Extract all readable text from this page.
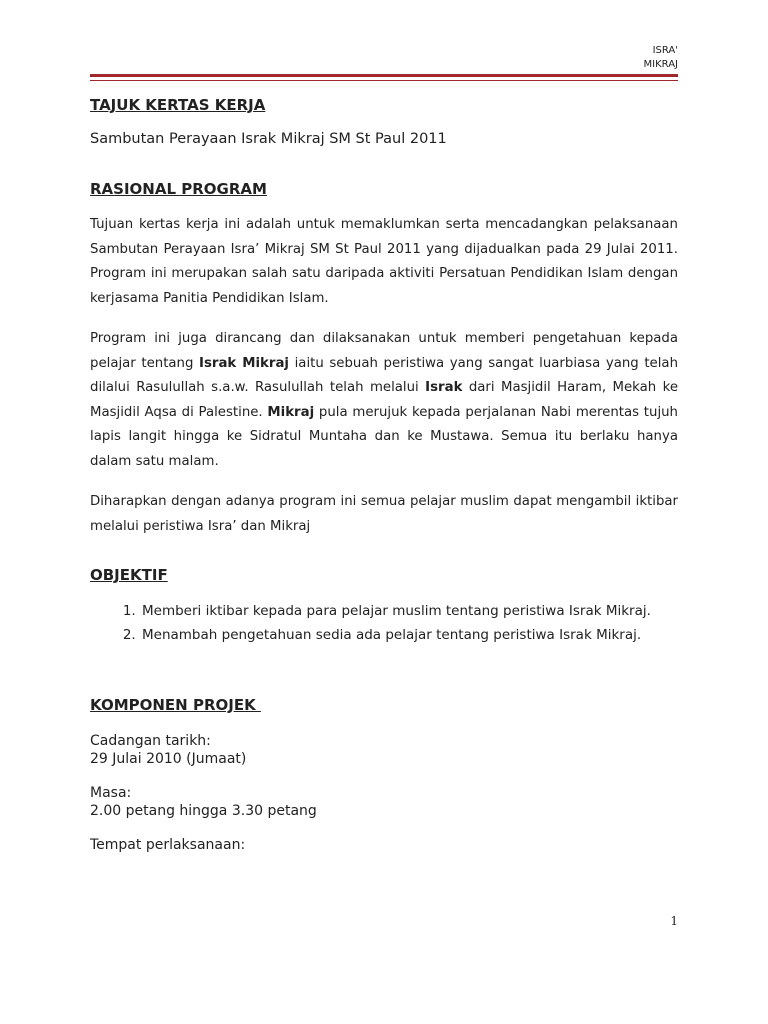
ISRA'
MIKRAJ
TAJUK KERTAS KERJA

Sambutan Perayaan Israk Mikraj SM St Paul 2011

RASIONAL PROGRAM

Tujuan kertas kerja ini adalah untuk memaklumkan serta mencadangkan pelaksanaan Sambutan Perayaan Isra’ Mikraj SM St Paul 2011 yang dijadualkan pada 29 Julai 2011. Program ini merupakan salah satu daripada aktiviti Persatuan Pendidikan Islam dengan kerjasama Panitia Pendidikan Islam.

Program ini juga dirancang dan dilaksanakan untuk memberi pengetahuan kepada pelajar tentang Israk Mikraj iaitu sebuah peristiwa yang sangat luarbiasa yang telah dilalui Rasulullah s.a.w. Rasulullah telah melalui Israk dari Masjidil Haram, Mekah ke Masjidil Aqsa di Palestine. Mikraj pula merujuk kepada perjalanan Nabi merentas tujuh lapis langit hingga ke Sidratul Muntaha dan ke Mustawa. Semua itu berlaku hanya dalam satu malam.

Diharapkan dengan adanya program ini semua pelajar muslim dapat mengambil iktibar melalui peristiwa Isra’ dan Mikraj

OBJEKTIF
1. Memberi iktibar kepada para pelajar muslim tentang peristiwa Israk Mikraj.
2. Menambah pengetahuan sedia ada pelajar tentang peristiwa Israk Mikraj.
KOMPONEN PROJEK

Cadangan tarikh:

29 Julai 2010 (Jumaat)

Masa:

2.00 petang hingga 3.30 petang

Tempat perlaksanaan:

1
